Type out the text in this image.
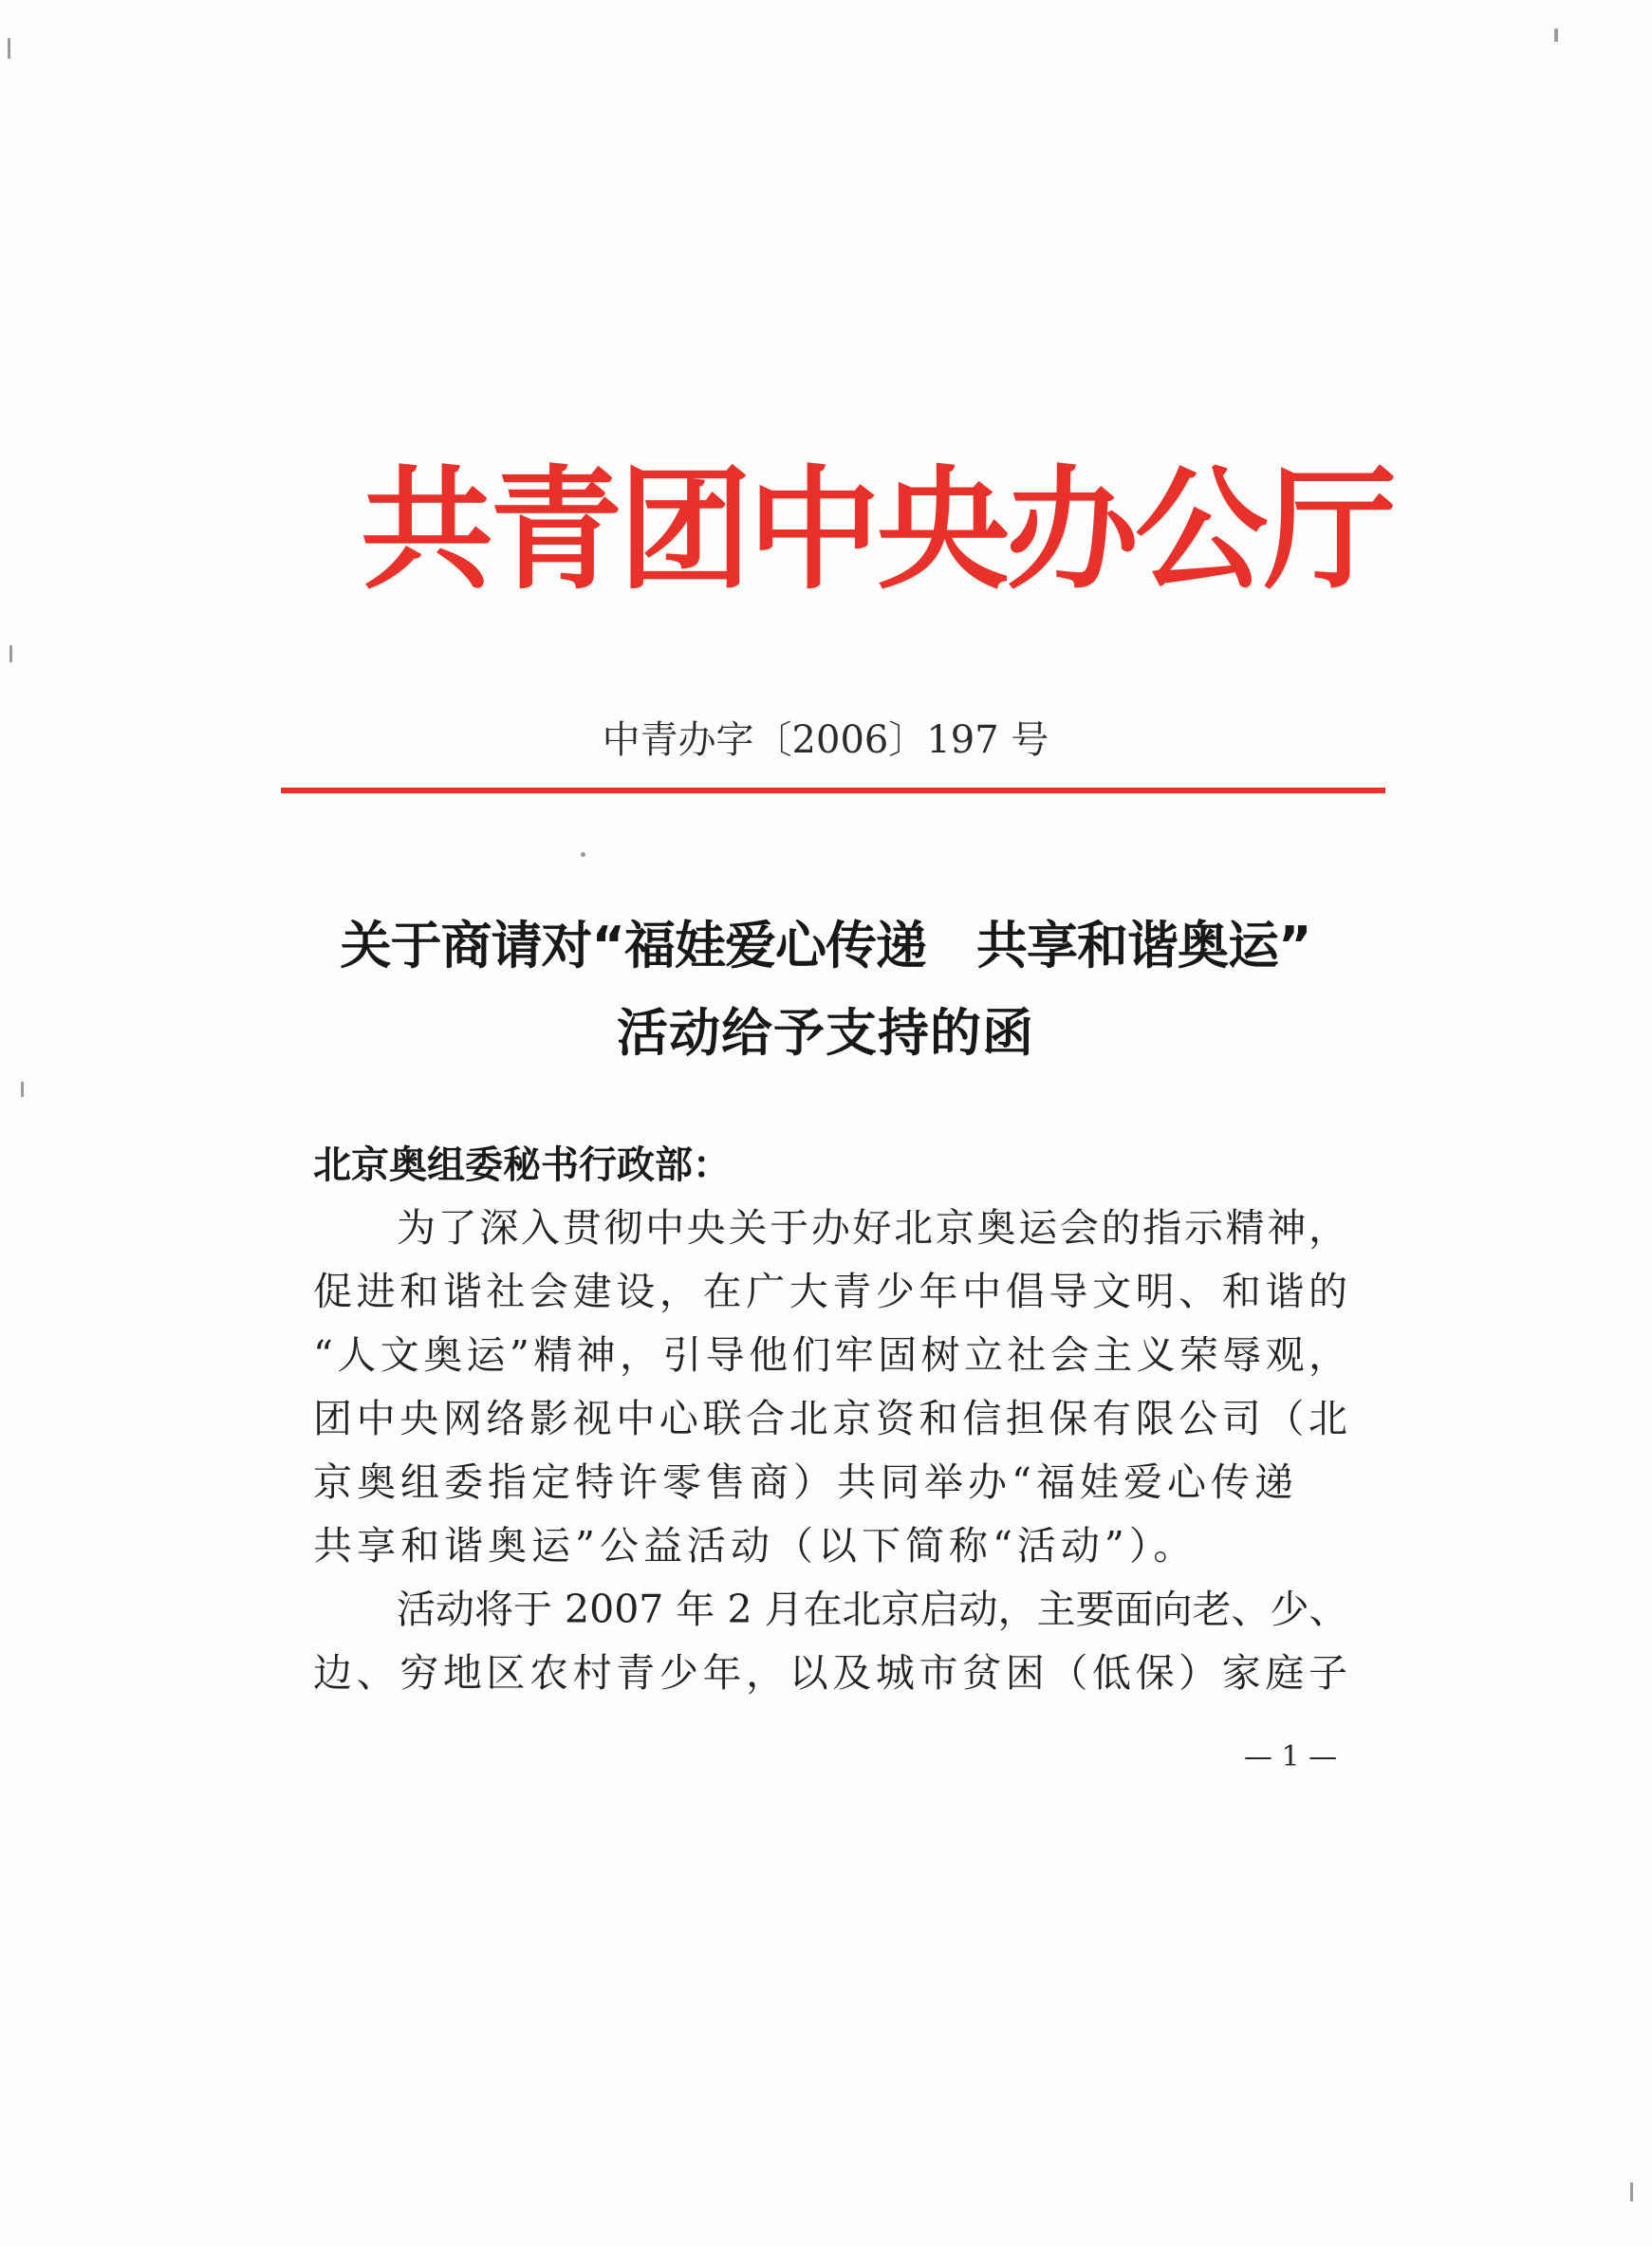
共青团中央办公厅
中青办字〔2006〕197 号
关于商请对“福娃爱心传递　共享和谐奥运”
活动给予支持的函
北京奥组委秘书行政部：
为了深入贯彻中央关于办好北京奥运会的指示精神，
促进和谐社会建设，在广大青少年中倡导文明、和谐的
“人文奥运”精神，引导他们牢固树立社会主义荣辱观，
团中央网络影视中心联合北京资和信担保有限公司（北
京奥组委指定特许零售商）共同举办“福娃爱心传递
共享和谐奥运”公益活动（以下简称“活动”）。
活动将于 2007 年 2 月在北京启动，主要面向老、少、
边、穷地区农村青少年，以及城市贫困（低保）家庭子
— 1 —
